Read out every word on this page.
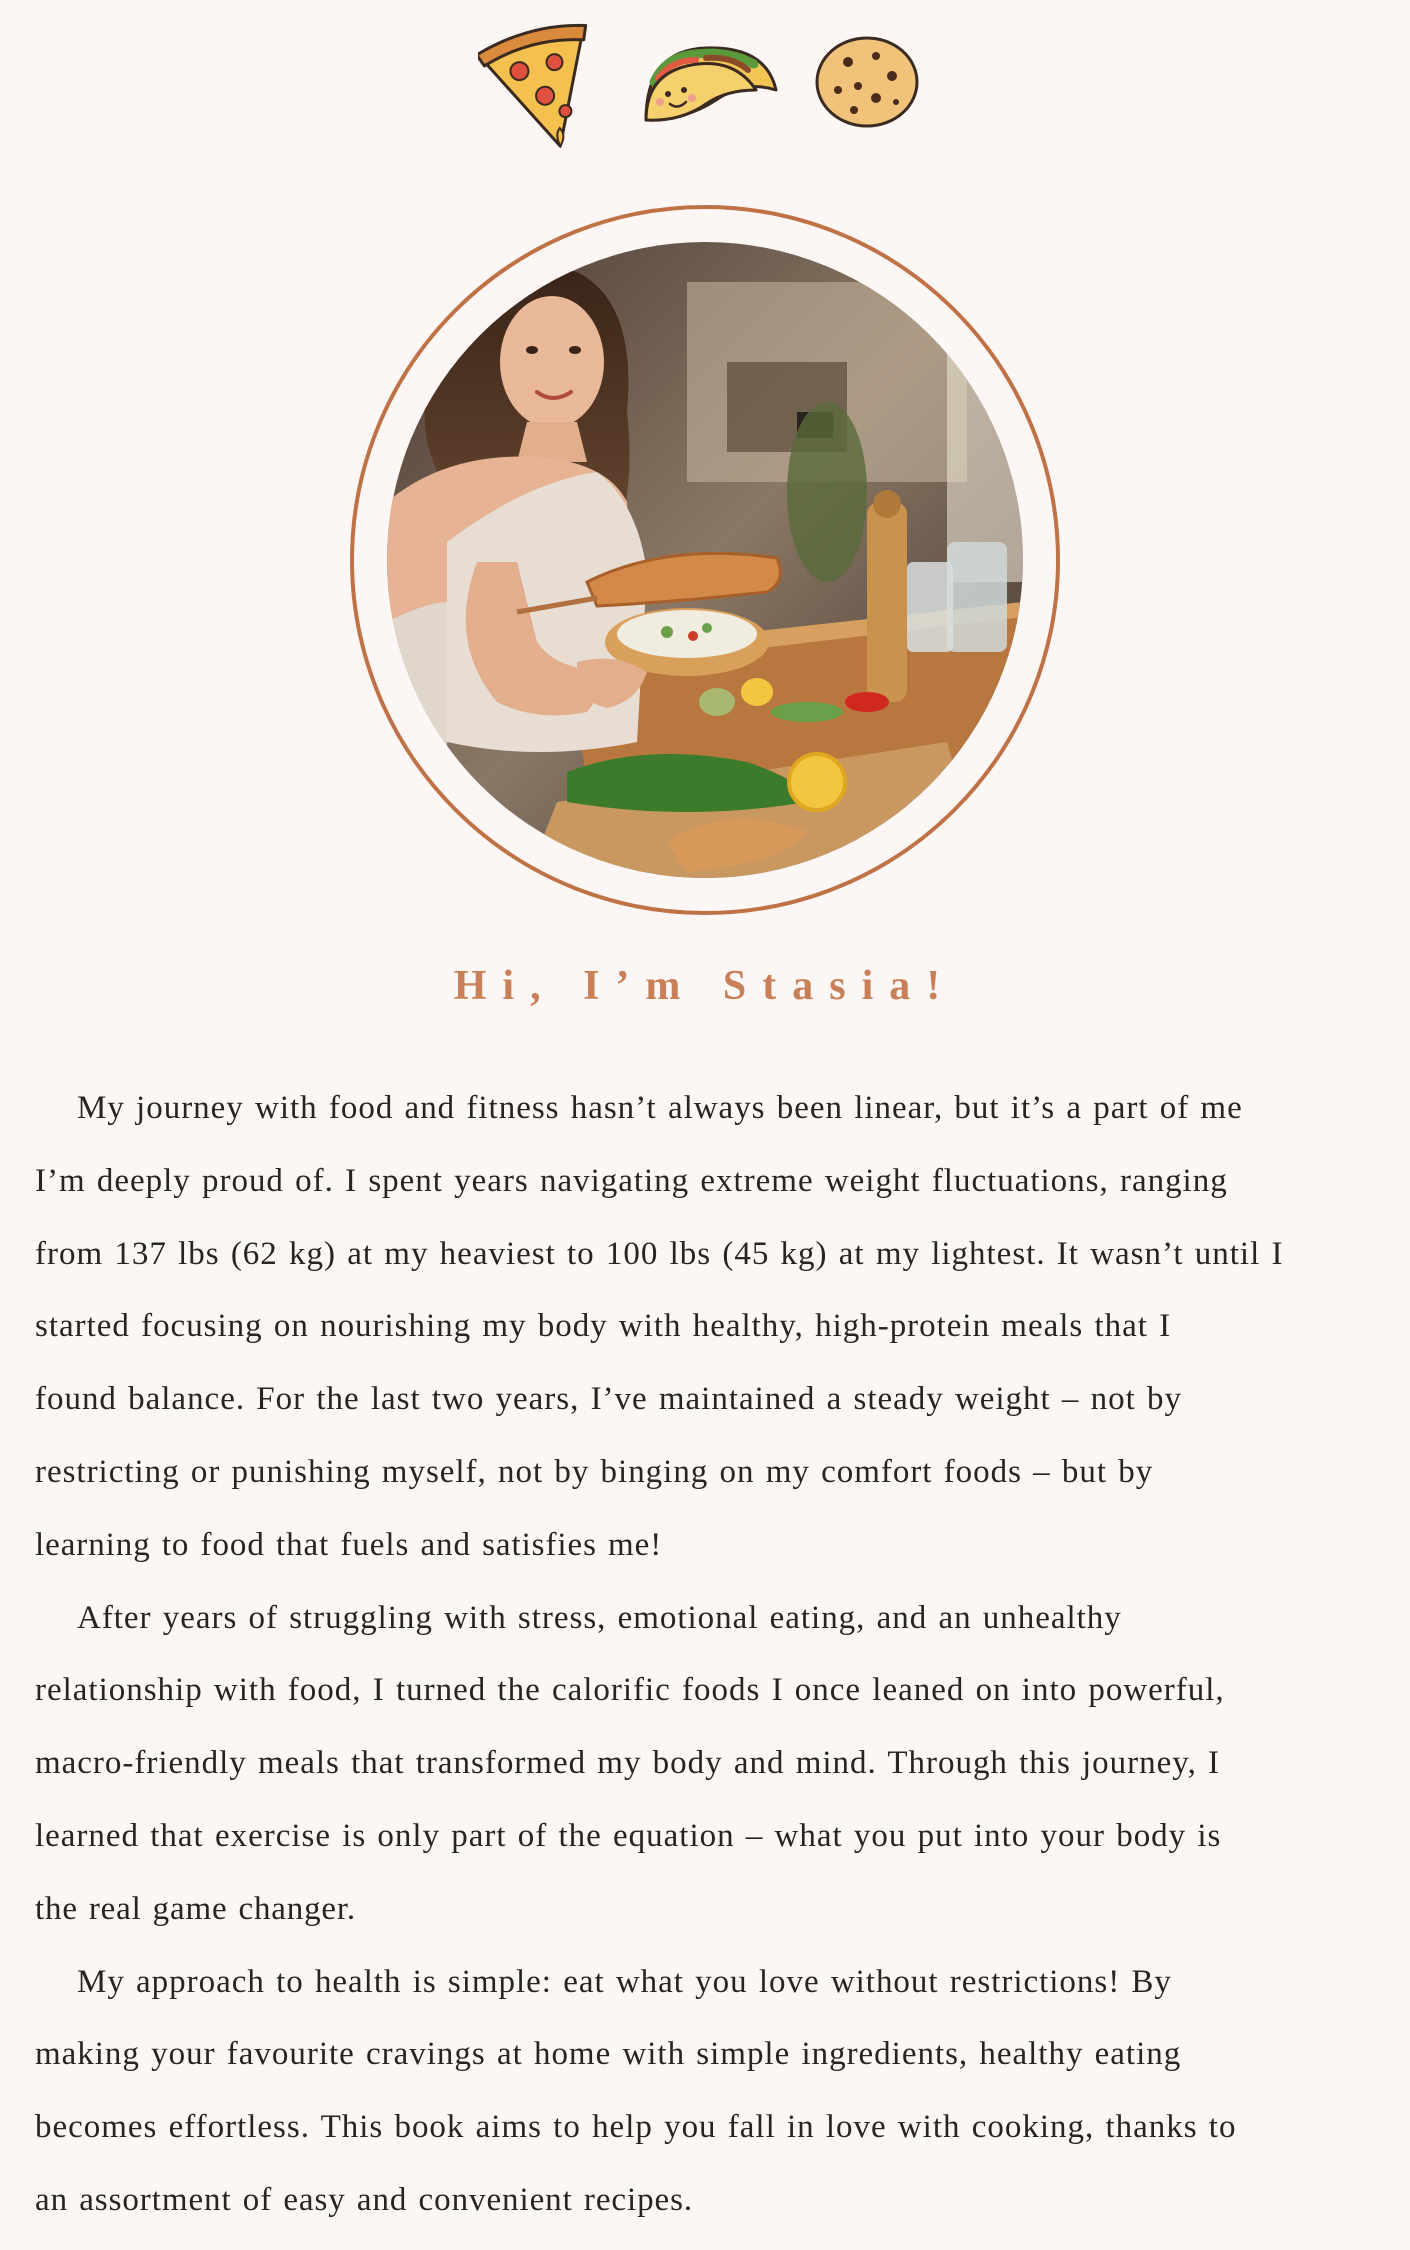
Hi, I’m Stasia!
My journey with food and fitness hasn’t always been linear, but it’s a part of me
I’m deeply proud of. I spent years navigating extreme weight fluctuations, ranging
from 137 lbs (62 kg) at my heaviest to 100 lbs (45 kg) at my lightest. It wasn’t until I
started focusing on nourishing my body with healthy, high-protein meals that I
found balance. For the last two years, I’ve maintained a steady weight – not by
restricting or punishing myself, not by binging on my comfort foods – but by
learning to food that fuels and satisfies me!
After years of struggling with stress, emotional eating, and an unhealthy
relationship with food, I turned the calorific foods I once leaned on into powerful,
macro-friendly meals that transformed my body and mind. Through this journey, I
learned that exercise is only part of the equation – what you put into your body is
the real game changer.
My approach to health is simple: eat what you love without restrictions! By
making your favourite cravings at home with simple ingredients, healthy eating
becomes effortless. This book aims to help you fall in love with cooking, thanks to
an assortment of easy and convenient recipes.
